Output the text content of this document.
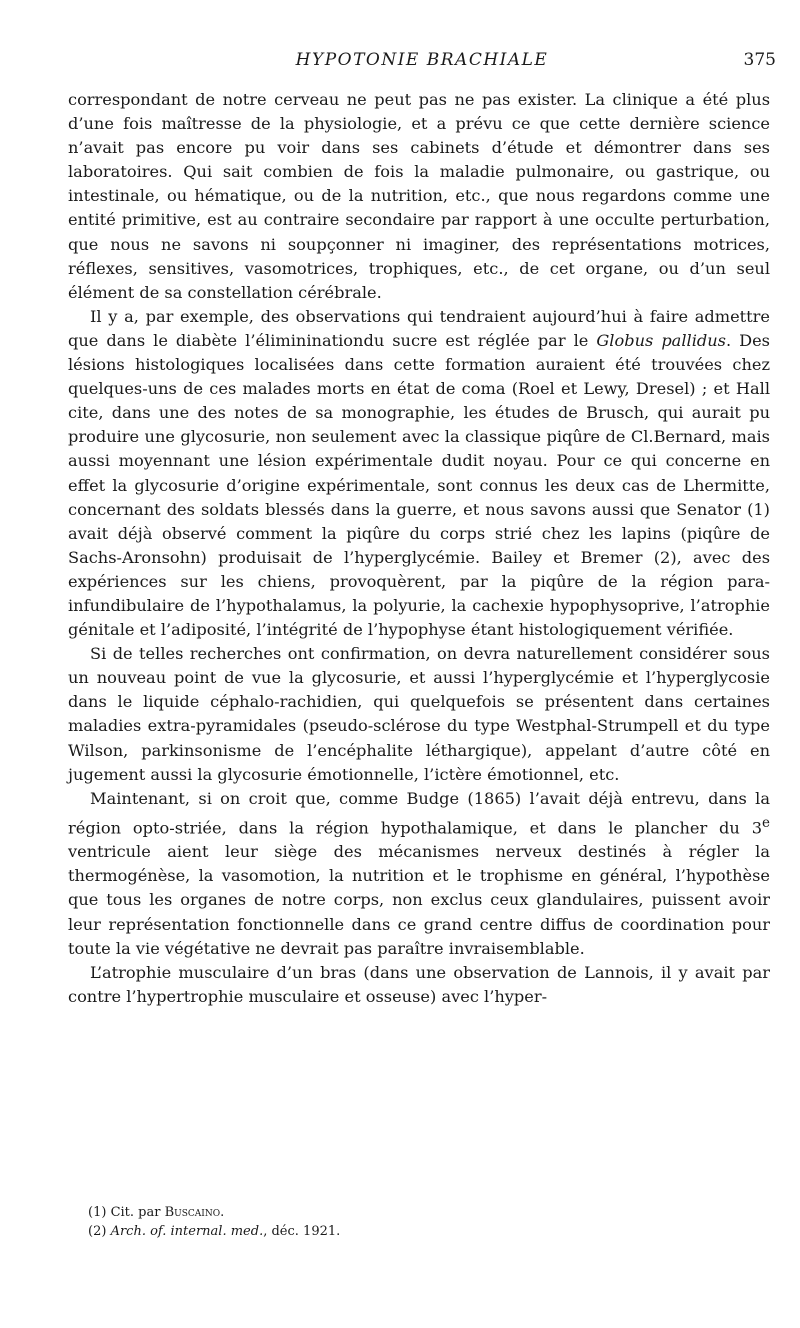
HYPOTONIE BRACHIALE	375

correspondant de notre cerveau ne peut pas ne pas exister. La clinique a été plus d’une fois maîtresse de la physiologie, et a prévu ce que cette dernière science n’avait pas encore pu voir dans ses cabinets d’étude et démontrer dans ses laboratoires. Qui sait combien de fois la maladie pulmonaire, ou gastrique, ou intestinale, ou hématique, ou de la nutrition, etc., que nous regardons comme une entité primitive, est au contraire secondaire par rapport à une occulte perturbation, que nous ne savons ni soupçonner ni imaginer, des représentations motrices, réflexes, sensitives, vasomotrices, trophiques, etc., de cet organe, ou d’un seul élément de sa constellation cérébrale.

Il y a, par exemple, des observations qui tendraient aujourd’hui à faire admettre que dans le diabète l’élimininationdu sucre est réglée par le Globus pallidus. Des lésions histologiques localisées dans cette formation auraient été trouvées chez quelques-uns de ces malades morts en état de coma (Roel et Lewy, Dresel) ; et Hall cite, dans une des notes de sa monographie, les études de Brusch, qui aurait pu produire une glycosurie, non seulement avec la classique piqûre de Cl.Bernard, mais aussi moyennant une lésion expérimentale dudit noyau. Pour ce qui concerne en effet la glycosurie d’origine expérimentale, sont connus les deux cas de Lhermitte, concernant des soldats blessés dans la guerre, et nous savons aussi que Senator (1) avait déjà observé comment la piqûre du corps strié chez les lapins (piqûre de Sachs-Aronsohn) produisait de l’hyperglycémie. Bailey et Bremer (2), avec des expériences sur les chiens, provoquèrent, par la piqûre de la région para-infundibulaire de l’hypothalamus, la polyurie, la cachexie hypophysoprive, l’atrophie génitale et l’adiposité, l’intégrité de l’hypophyse étant histologiquement vérifiée.

Si de telles recherches ont confirmation, on devra naturellement considérer sous un nouveau point de vue la glycosurie, et aussi l’hyperglycémie et l’hyperglycosie dans le liquide céphalo-rachidien, qui quelquefois se présentent dans certaines maladies extra-pyramidales (pseudo-sclérose du type Westphal-Strumpell et du type Wilson, parkinsonisme de l’encéphalite léthargique), appelant d’autre côté en jugement aussi la glycosurie émotionnelle, l’ictère émotionnel, etc.

Maintenant, si on croit que, comme Budge (1865) l’avait déjà entrevu, dans la région opto-striée, dans la région hypothalamique, et dans le plancher du 3e ventricule aient leur siège des mécanismes nerveux destinés à régler la thermogénèse, la vasomotion, la nutrition et le trophisme en général, l’hypothèse que tous les organes de notre corps, non exclus ceux glandulaires, puissent avoir leur représentation fonctionnelle dans ce grand centre diffus de coordination pour toute la vie végétative ne devrait pas paraître invraisemblable.

L’atrophie musculaire d’un bras (dans une observation de Lannois, il y avait par contre l’hypertrophie musculaire et osseuse) avec l’hyper-

(1) Cit. par Buscaino.
(2) Arch. of. internal. med., déc. 1921.
